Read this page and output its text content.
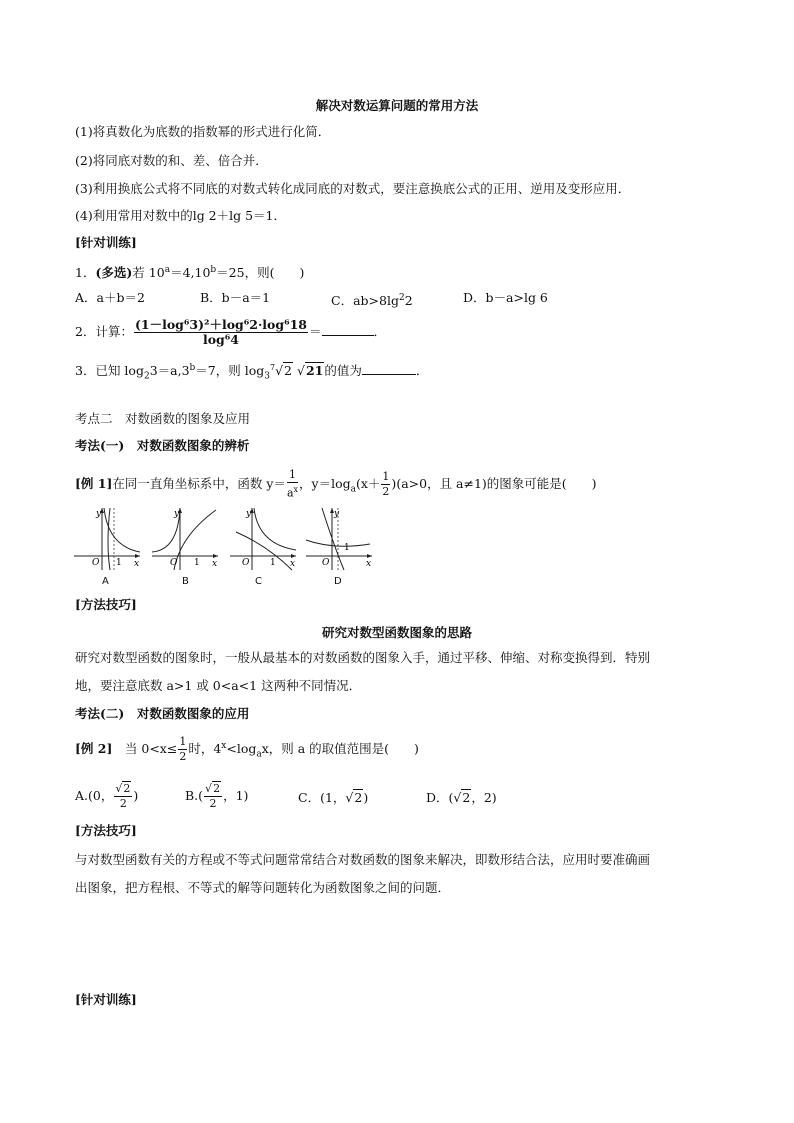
解决对数运算问题的常用方法
(1)将真数化为底数的指数幂的形式进行化简．
(2)将同底对数的和、差、倍合并．
(3)利用换底公式将不同底的对数式转化成同底的对数式，要注意换底公式的正用、逆用及变形应用．
(4)利用常用对数中的lg 2＋lg 5＝1．
[针对训练]
1．(多选)若 $10^a=4,10^b=25$，则(　　)
A．a＋b＝2	B．b－a＝1	C．$ab>8\lg^22$	D．b－a>lg 6
2．计算： $\frac{\text{(1－log⁶3)²＋log⁶2·log⁶18}}{\text{log⁶4}}$ ＝	．
3．已知 $\log_23=a,3^b=7$，则 $\log_3^7√2$ √21的值为	．
考点二　对数函数的图象及应用
考法(一)　对数函数图象的辨析
[例 1]在同一直角坐标系中，函数 $y= \frac{1}{a^x}$ ，$y=\log_a(x+ \frac{1}{2} )(a>0$，且 a≠1)的图象可能是(　　)
x
y
O 1	x
y
O 1	x
y
O 1	x
y
O
1
A	B	C	D
[方法技巧]
研究对数型函数图象的思路
研究对数型函数的图象时，一般从最基本的对数函数的图象入手，通过平移、伸缩、对称变换得到．特别
地，要注意底数 a>1 或 0<a<1 这两种不同情况．
考法(二)　对数函数图象的应用
[例 2]　当 $0<x\le \frac{1}{2}$ 时，$4^x<\log_ax$，则 a 的取值范围是(　　)
A.(0， $\frac{√2}{2}$ )	$B.( \frac{√2}{2}$ ，1)	C．(1，√2)	D．(√2，2)
[方法技巧]
与对数型函数有关的方程或不等式问题常常结合对数函数的图象来解决，即数形结合法，应用时要准确画
出图象，把方程根、不等式的解等问题转化为函数图象之间的问题．
[针对训练]
